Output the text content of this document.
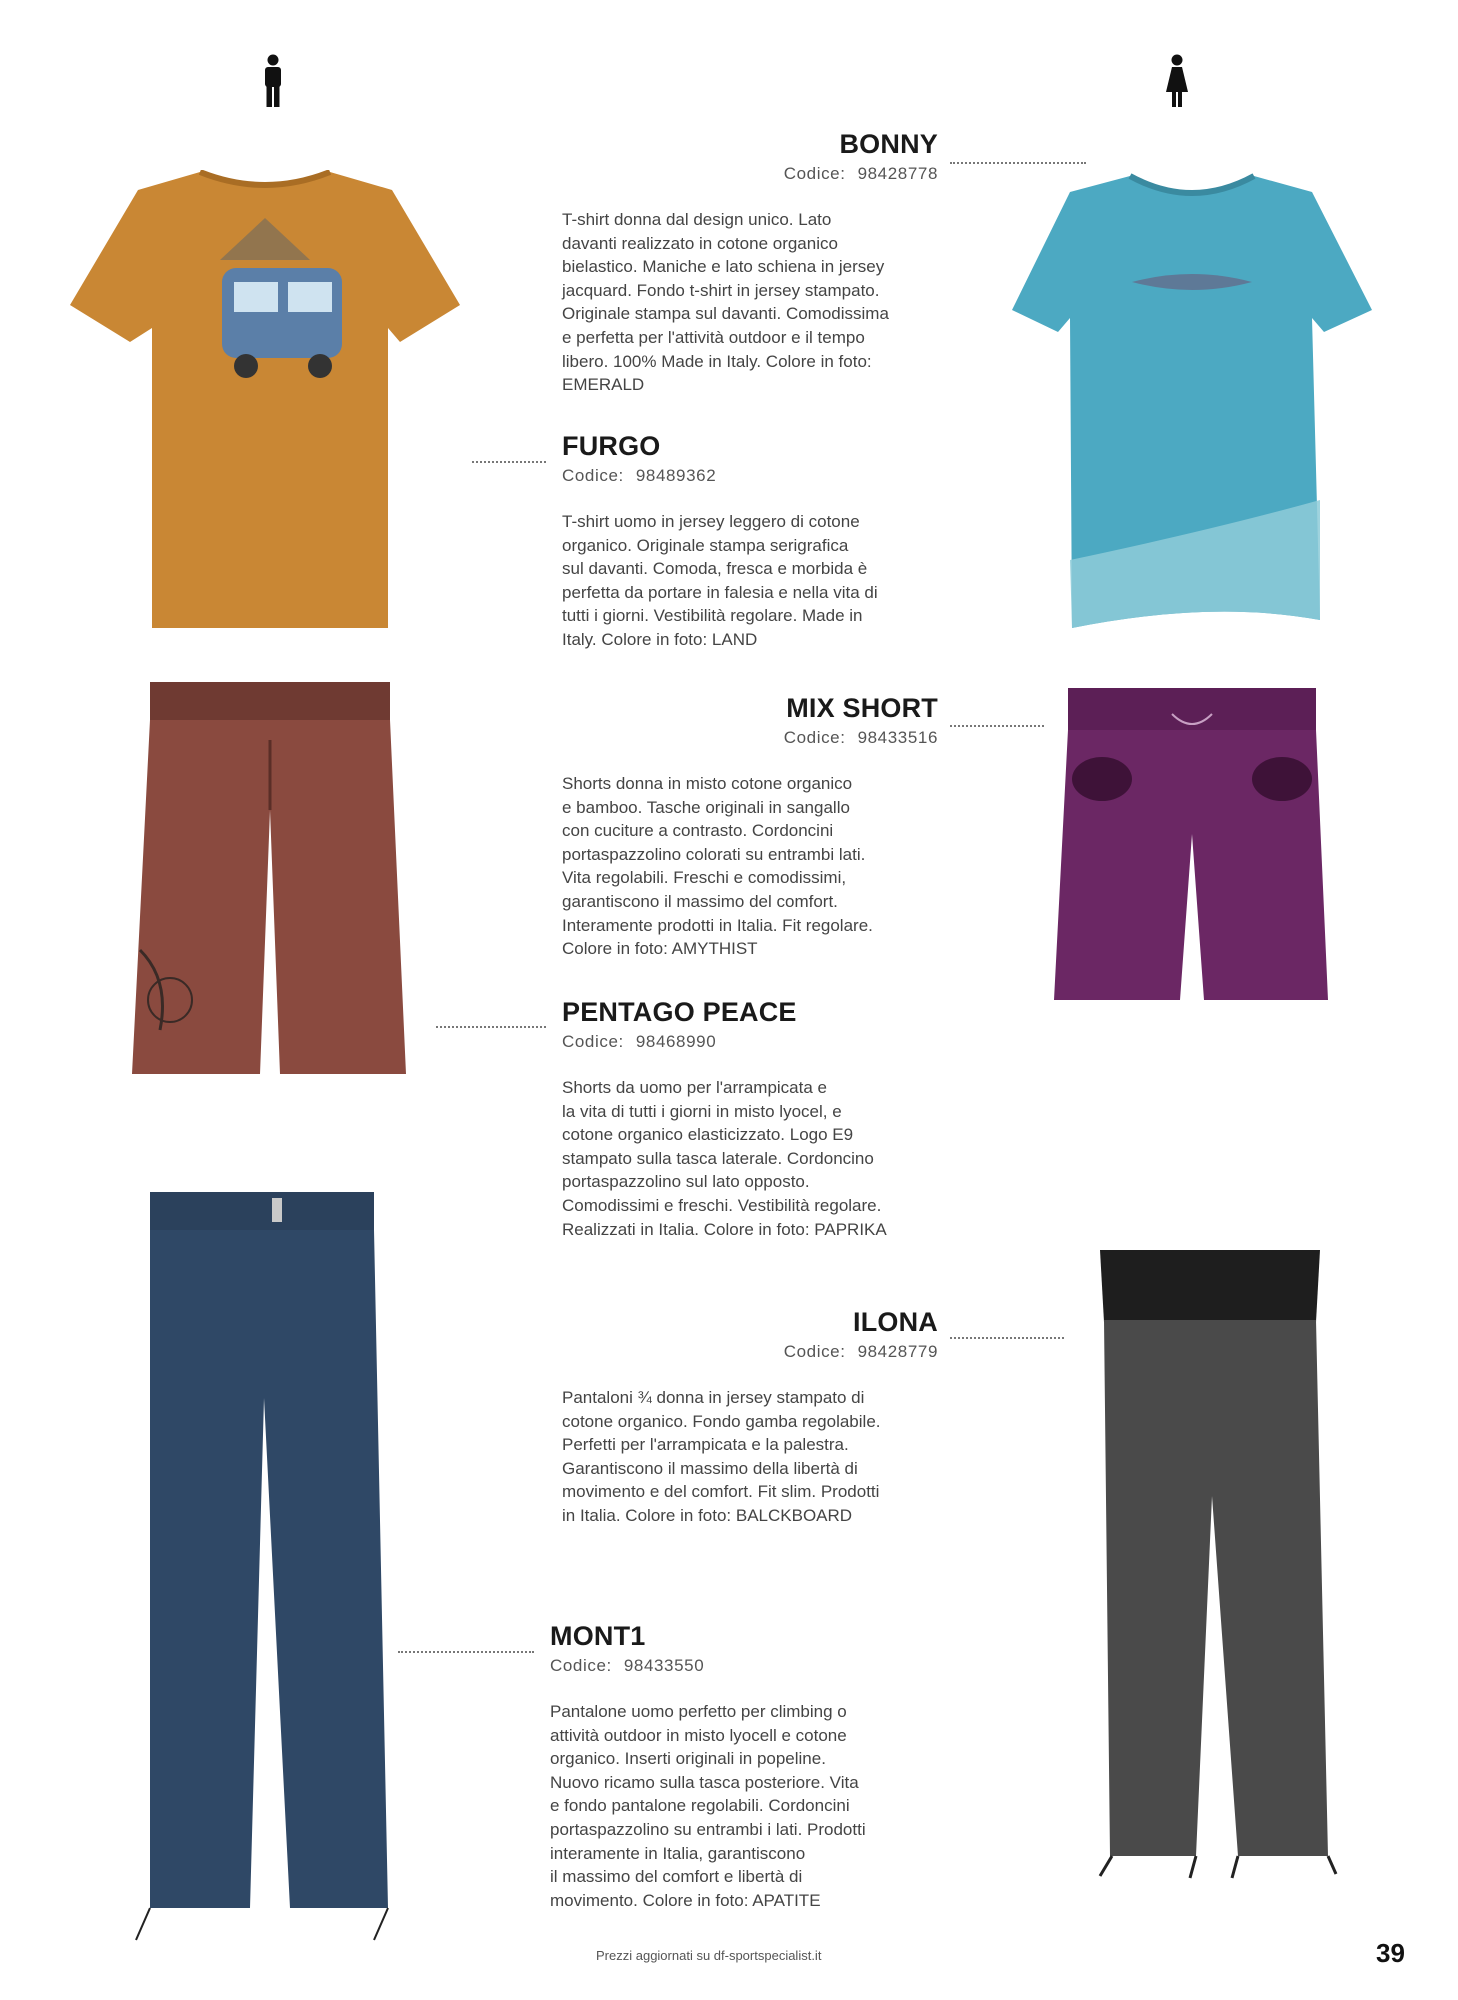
BONNY
Codice: 98428778
T-shirt donna dal design unico. Lato
davanti realizzato in cotone organico
bielastico. Maniche e lato schiena in jersey
jacquard. Fondo t-shirt in jersey stampato.
Originale stampa sul davanti. Comodissima
e perfetta per l'attività outdoor e il tempo
libero. 100% Made in Italy. Colore in foto:
EMERALD
FURGO
Codice: 98489362
T-shirt uomo in jersey leggero di cotone
organico. Originale stampa serigrafica
sul davanti. Comoda, fresca e morbida è
perfetta da portare in falesia e nella vita di
tutti i giorni. Vestibilità regolare. Made in
Italy. Colore in foto: LAND
MIX SHORT
Codice: 98433516
Shorts donna in misto cotone organico
e bamboo. Tasche originali in sangallo
con cuciture a contrasto. Cordoncini
portaspazzolino colorati su entrambi lati.
Vita regolabili. Freschi e comodissimi,
garantiscono il massimo del comfort.
Interamente prodotti in Italia. Fit regolare.
Colore in foto: AMYTHIST
PENTAGO PEACE
Codice: 98468990
Shorts da uomo per l'arrampicata e
la vita di tutti i giorni in misto lyocel, e
cotone organico elasticizzato. Logo E9
stampato sulla tasca laterale. Cordoncino
portaspazzolino sul lato opposto.
Comodissimi e freschi. Vestibilità regolare.
Realizzati in Italia. Colore in foto: PAPRIKA
ILONA
Codice: 98428779
Pantaloni ¾ donna in jersey stampato di
cotone organico. Fondo gamba regolabile.
Perfetti per l'arrampicata e la palestra.
Garantiscono il massimo della libertà di
movimento e del comfort. Fit slim. Prodotti
in Italia. Colore in foto: BALCKBOARD
MONT1
Codice: 98433550
Pantalone uomo perfetto per climbing o
attività outdoor in misto lyocell e cotone
organico. Inserti originali in popeline.
Nuovo ricamo sulla tasca posteriore. Vita
e fondo pantalone regolabili. Cordoncini
portaspazzolino su entrambi i lati. Prodotti
interamente in Italia, garantiscono
il massimo del comfort e libertà di
movimento. Colore in foto: APATITE
Prezzi aggiornati su df-sportspecialist.it	39
